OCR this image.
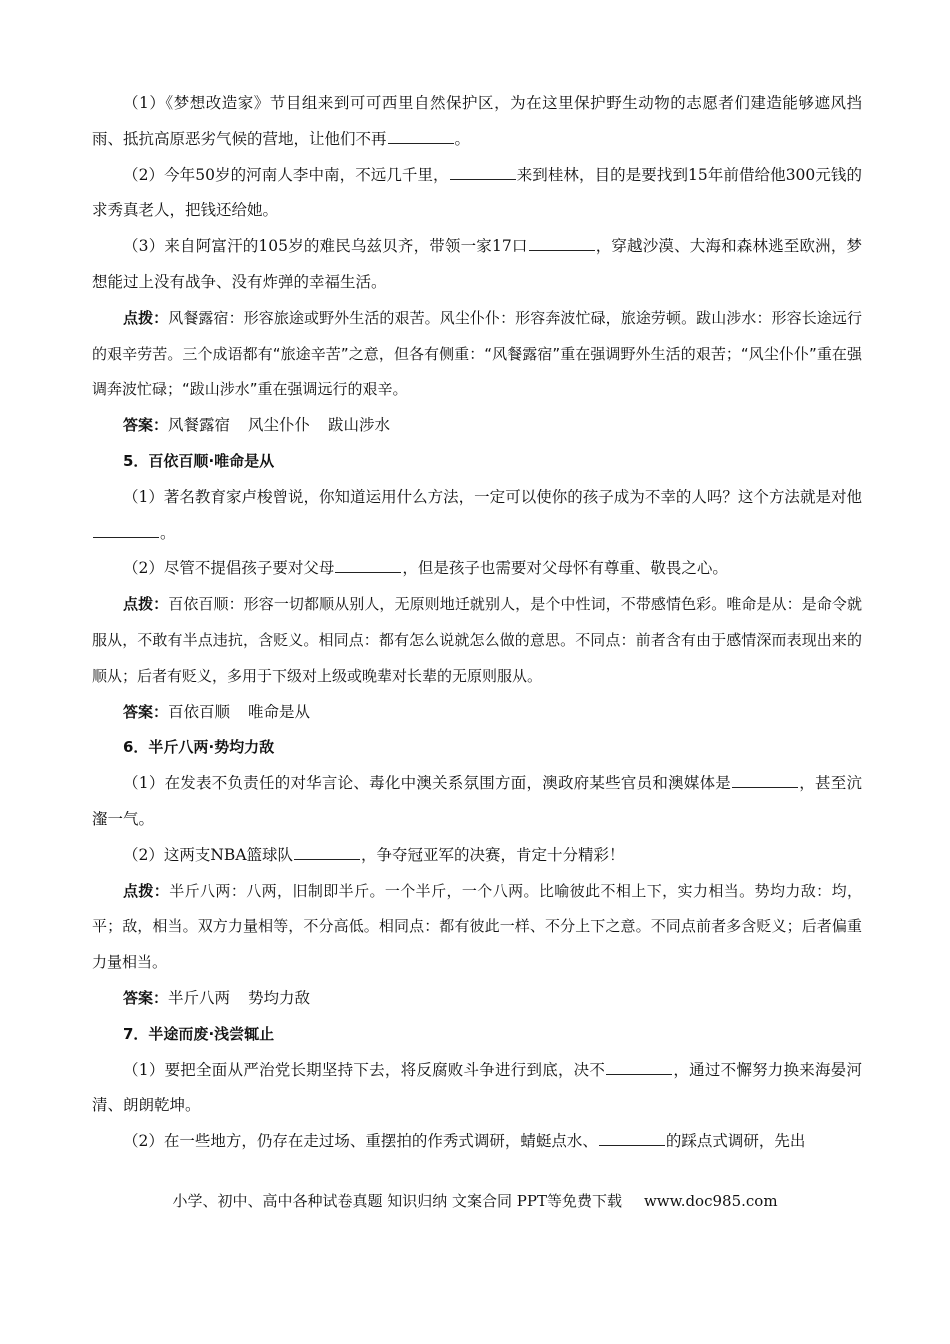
（1）《梦想改造家》节目组来到可可西里自然保护区，为在这里保护野生动物的志愿者们建造能够遮风挡雨、抵抗高原恶劣气候的营地，让他们不再	。

（2）今年50岁的河南人李中南，不远几千里，	来到桂林，目的是要找到15年前借给他300元钱的求秀真老人，把钱还给她。

（3）来自阿富汗的105岁的难民乌兹贝齐，带领一家17口	，穿越沙漠、大海和森林逃至欧洲，梦想能过上没有战争、没有炸弹的幸福生活。

点拨：风餐露宿：形容旅途或野外生活的艰苦。风尘仆仆：形容奔波忙碌，旅途劳顿。跋山涉水：形容长途远行的艰辛劳苦。三个成语都有“旅途辛苦”之意，但各有侧重：“风餐露宿”重在强调野外生活的艰苦；“风尘仆仆”重在强调奔波忙碌；“跋山涉水”重在强调远行的艰辛。

答案：风餐露宿 风尘仆仆 跋山涉水

5．百依百顺·唯命是从

（1）著名教育家卢梭曾说，你知道运用什么方法，一定可以使你的孩子成为不幸的人吗？这个方法就是对他。

（2）尽管不提倡孩子要对父母	，但是孩子也需要对父母怀有尊重、敬畏之心。

点拨：百依百顺：形容一切都顺从别人，无原则地迁就别人，是个中性词，不带感情色彩。唯命是从：是命令就服从，不敢有半点违抗，含贬义。相同点：都有怎么说就怎么做的意思。不同点：前者含有由于感情深而表现出来的顺从；后者有贬义，多用于下级对上级或晚辈对长辈的无原则服从。

答案：百依百顺 唯命是从

6．半斤八两·势均力敌

（1）在发表不负责任的对华言论、毒化中澳关系氛围方面，澳政府某些官员和澳媒体是	，甚至沆瀣一气。

（2）这两支NBA篮球队	，争夺冠亚军的决赛，肯定十分精彩！

点拨：半斤八两：八两，旧制即半斤。一个半斤，一个八两。比喻彼此不相上下，实力相当。势均力敌：均，平；敌，相当。双方力量相等，不分高低。相同点：都有彼此一样、不分上下之意。不同点前者多含贬义；后者偏重力量相当。

答案：半斤八两 势均力敌

7．半途而废·浅尝辄止

（1）要把全面从严治党长期坚持下去，将反腐败斗争进行到底，决不	，通过不懈努力换来海晏河清、朗朗乾坤。

（2）在一些地方，仍存在走过场、重摆拍的作秀式调研，蜻蜓点水、	的踩点式调研，先出

小学、初中、高中各种试卷真题 知识归纳 文案合同 PPT等免费下载 www.doc985.com
